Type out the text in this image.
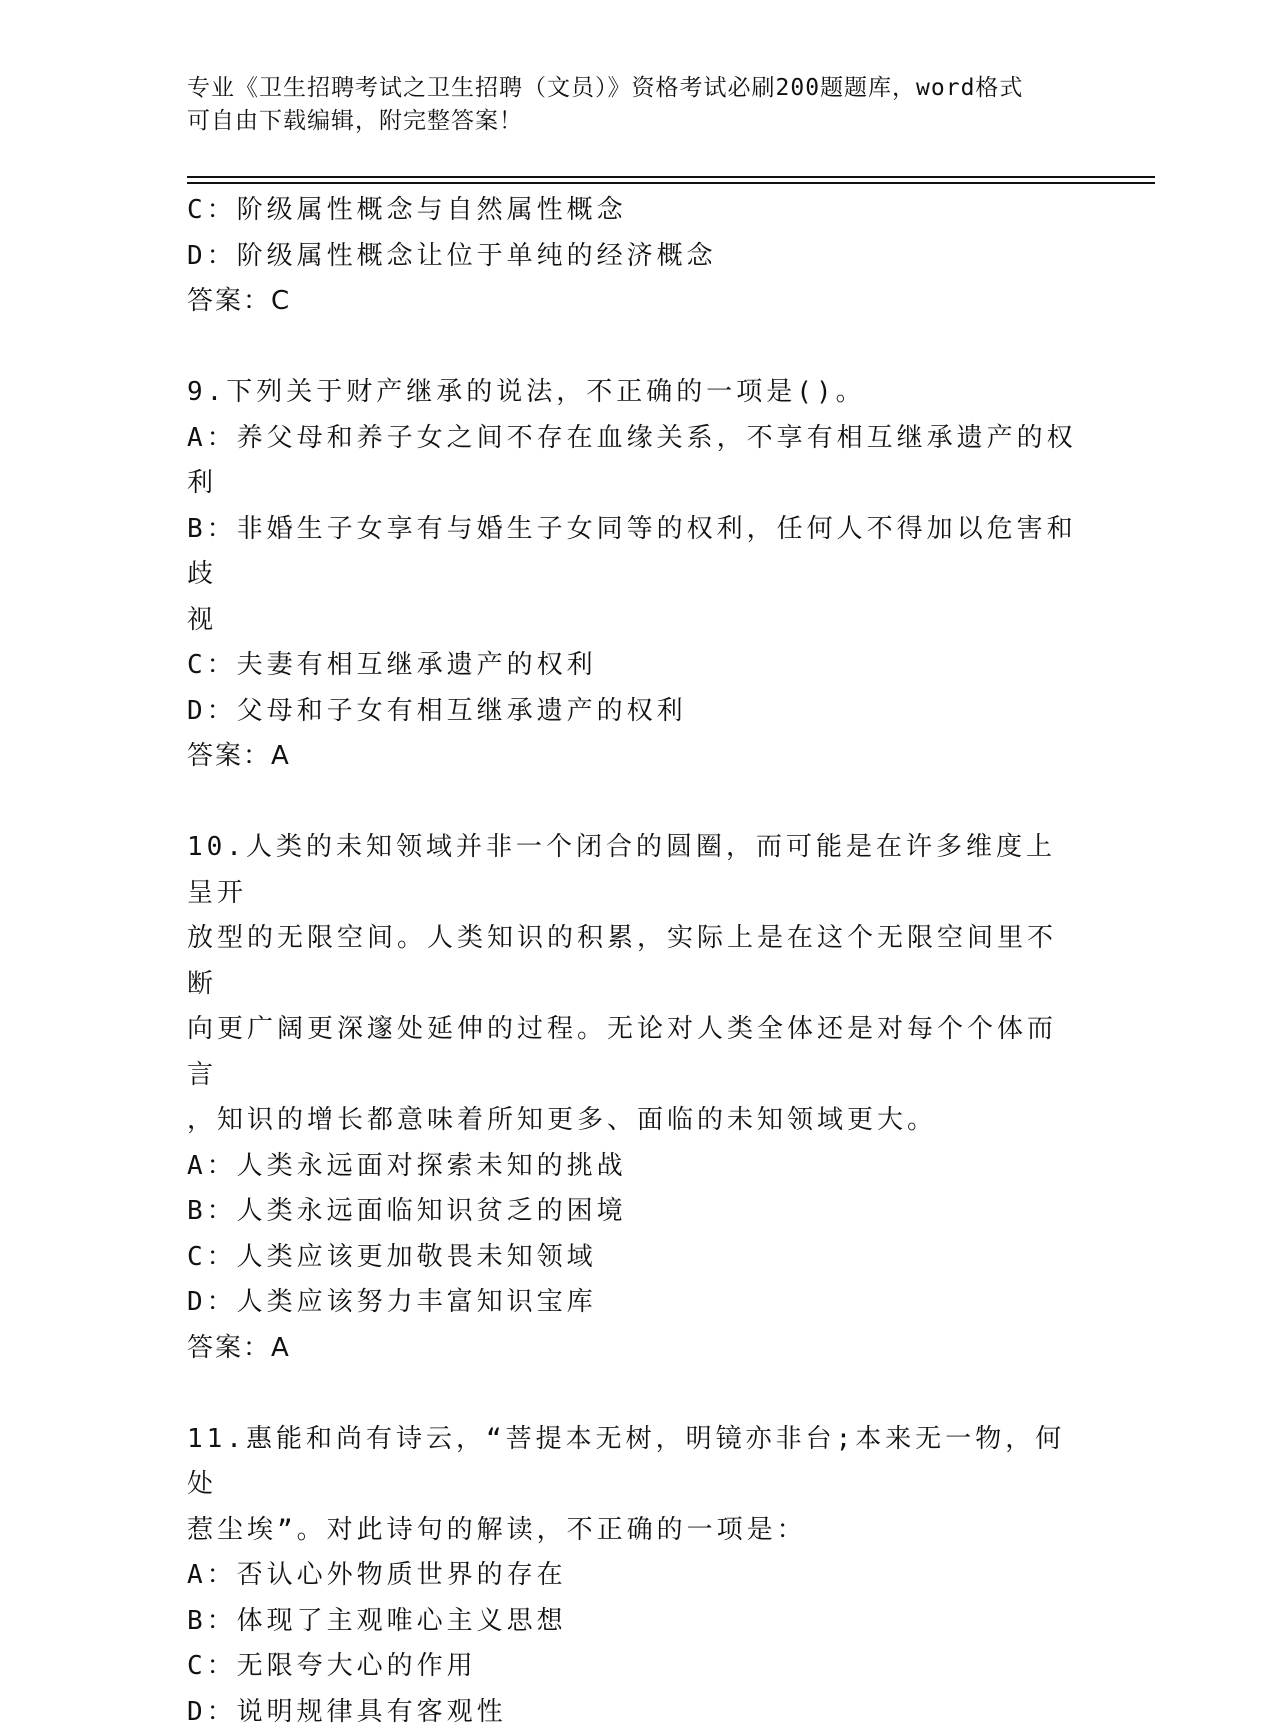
专业《卫生招聘考试之卫生招聘（文员）》资格考试必刷200题题库，word格式
可自由下载编辑，附完整答案！
C：阶级属性概念与自然属性概念
D：阶级属性概念让位于单纯的经济概念
答案：C
9.下列关于财产继承的说法，不正确的一项是()。
A：养父母和养子女之间不存在血缘关系，不享有相互继承遗产的权利
B：非婚生子女享有与婚生子女同等的权利，任何人不得加以危害和歧
视
C：夫妻有相互继承遗产的权利
D：父母和子女有相互继承遗产的权利
答案：A
10.人类的未知领域并非一个闭合的圆圈，而可能是在许多维度上呈开
放型的无限空间。人类知识的积累，实际上是在这个无限空间里不断
向更广阔更深邃处延伸的过程。无论对人类全体还是对每个个体而言
，知识的增长都意味着所知更多、面临的未知领域更大。
A：人类永远面对探索未知的挑战
B：人类永远面临知识贫乏的困境
C：人类应该更加敬畏未知领域
D：人类应该努力丰富知识宝库
答案：A
11.惠能和尚有诗云，“菩提本无树，明镜亦非台;本来无一物，何处
惹尘埃”。对此诗句的解读，不正确的一项是：
A：否认心外物质世界的存在
B：体现了主观唯心主义思想
C：无限夸大心的作用
D：说明规律具有客观性
